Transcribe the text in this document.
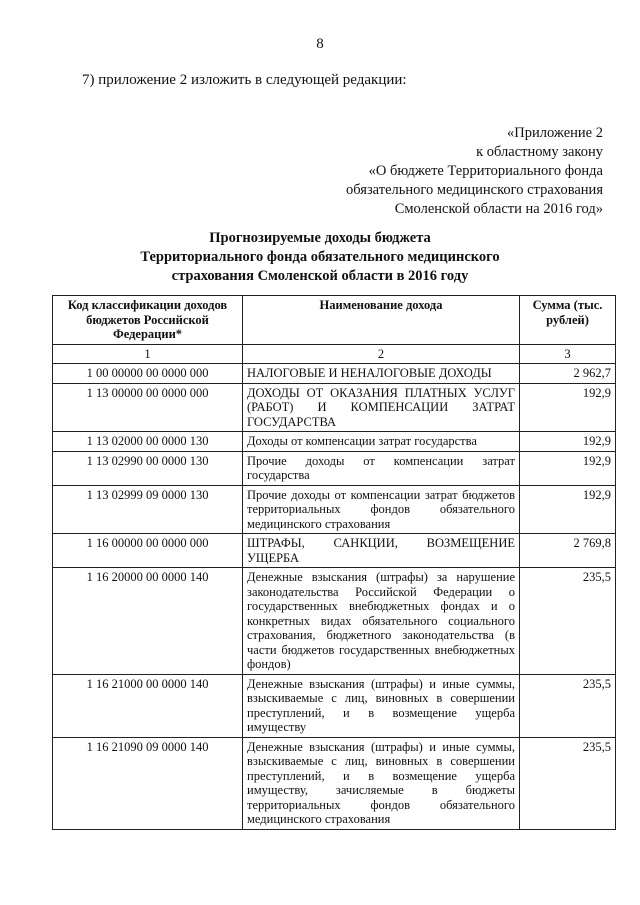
8
7) приложение 2 изложить в следующей редакции:
«Приложение 2
к областному закону
«О бюджете Территориального фонда
обязательного медицинского страхования
Смоленской области на 2016 год»
Прогнозируемые доходы бюджета
Территориального фонда обязательного медицинского
страхования Смоленской области в 2016 году
Код классификации доходов бюджетов Российской Федерации*	Наименование дохода	Сумма (тыс. рублей)
1	2	3
1 00 00000 00 0000 000	НАЛОГОВЫЕ И НЕНАЛОГОВЫЕ ДОХОДЫ	2 962,7
1 13 00000 00 0000 000	ДОХОДЫ ОТ ОКАЗАНИЯ ПЛАТНЫХ УСЛУГ (РАБОТ) И КОМПЕНСАЦИИ ЗАТРАТ ГОСУДАРСТВА	192,9
1 13 02000 00 0000 130	Доходы от компенсации затрат государства	192,9
1 13 02990 00 0000 130	Прочие доходы от компенсации затрат государства	192,9
1 13 02999 09 0000 130	Прочие доходы от компенсации затрат бюджетов территориальных фондов обязательного медицинского страхования	192,9
1 16 00000 00 0000 000	ШТРАФЫ, САНКЦИИ, ВОЗМЕЩЕНИЕ УЩЕРБА	2 769,8
1 16 20000 00 0000 140	Денежные взыскания (штрафы) за нарушение законодательства Российской Федерации о государственных внебюджетных фондах и о конкретных видах обязательного социального страхования, бюджетного законодательства (в части бюджетов государственных внебюджетных фондов)	235,5
1 16 21000 00 0000 140	Денежные взыскания (штрафы) и иные суммы, взыскиваемые с лиц, виновных в совершении преступлений, и в возмещение ущерба имуществу	235,5
1 16 21090 09 0000 140	Денежные взыскания (штрафы) и иные суммы, взыскиваемые с лиц, виновных в совершении преступлений, и в возмещение ущерба имуществу, зачисляемые в бюджеты территориальных фондов обязательного медицинского страхования	235,5
